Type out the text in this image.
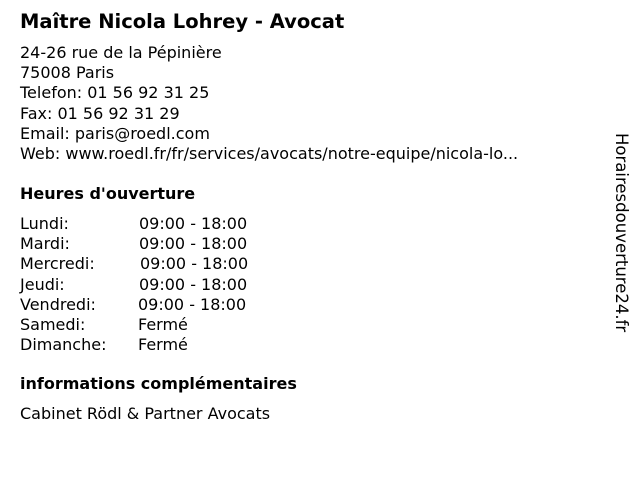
Maître Nicola Lohrey - Avocat
24-26 rue de la Pépinière
75008 Paris
Telefon: 01 56 92 31 25
Fax: 01 56 92 31 29
Email: paris@roedl.com
Web: www.roedl.fr/fr/services/avocats/notre-equipe/nicola-lo...
Heures d'ouverture
Lundi:	09:00 - 18:00
Mardi:	09:00 - 18:00
Mercredi:	09:00 - 18:00
Jeudi:	09:00 - 18:00
Vendredi:	09:00 - 18:00
Samedi:	Fermé
Dimanche:	Fermé
informations complémentaires
Cabinet Rödl & Partner Avocats
Horairesdouverture24.fr
